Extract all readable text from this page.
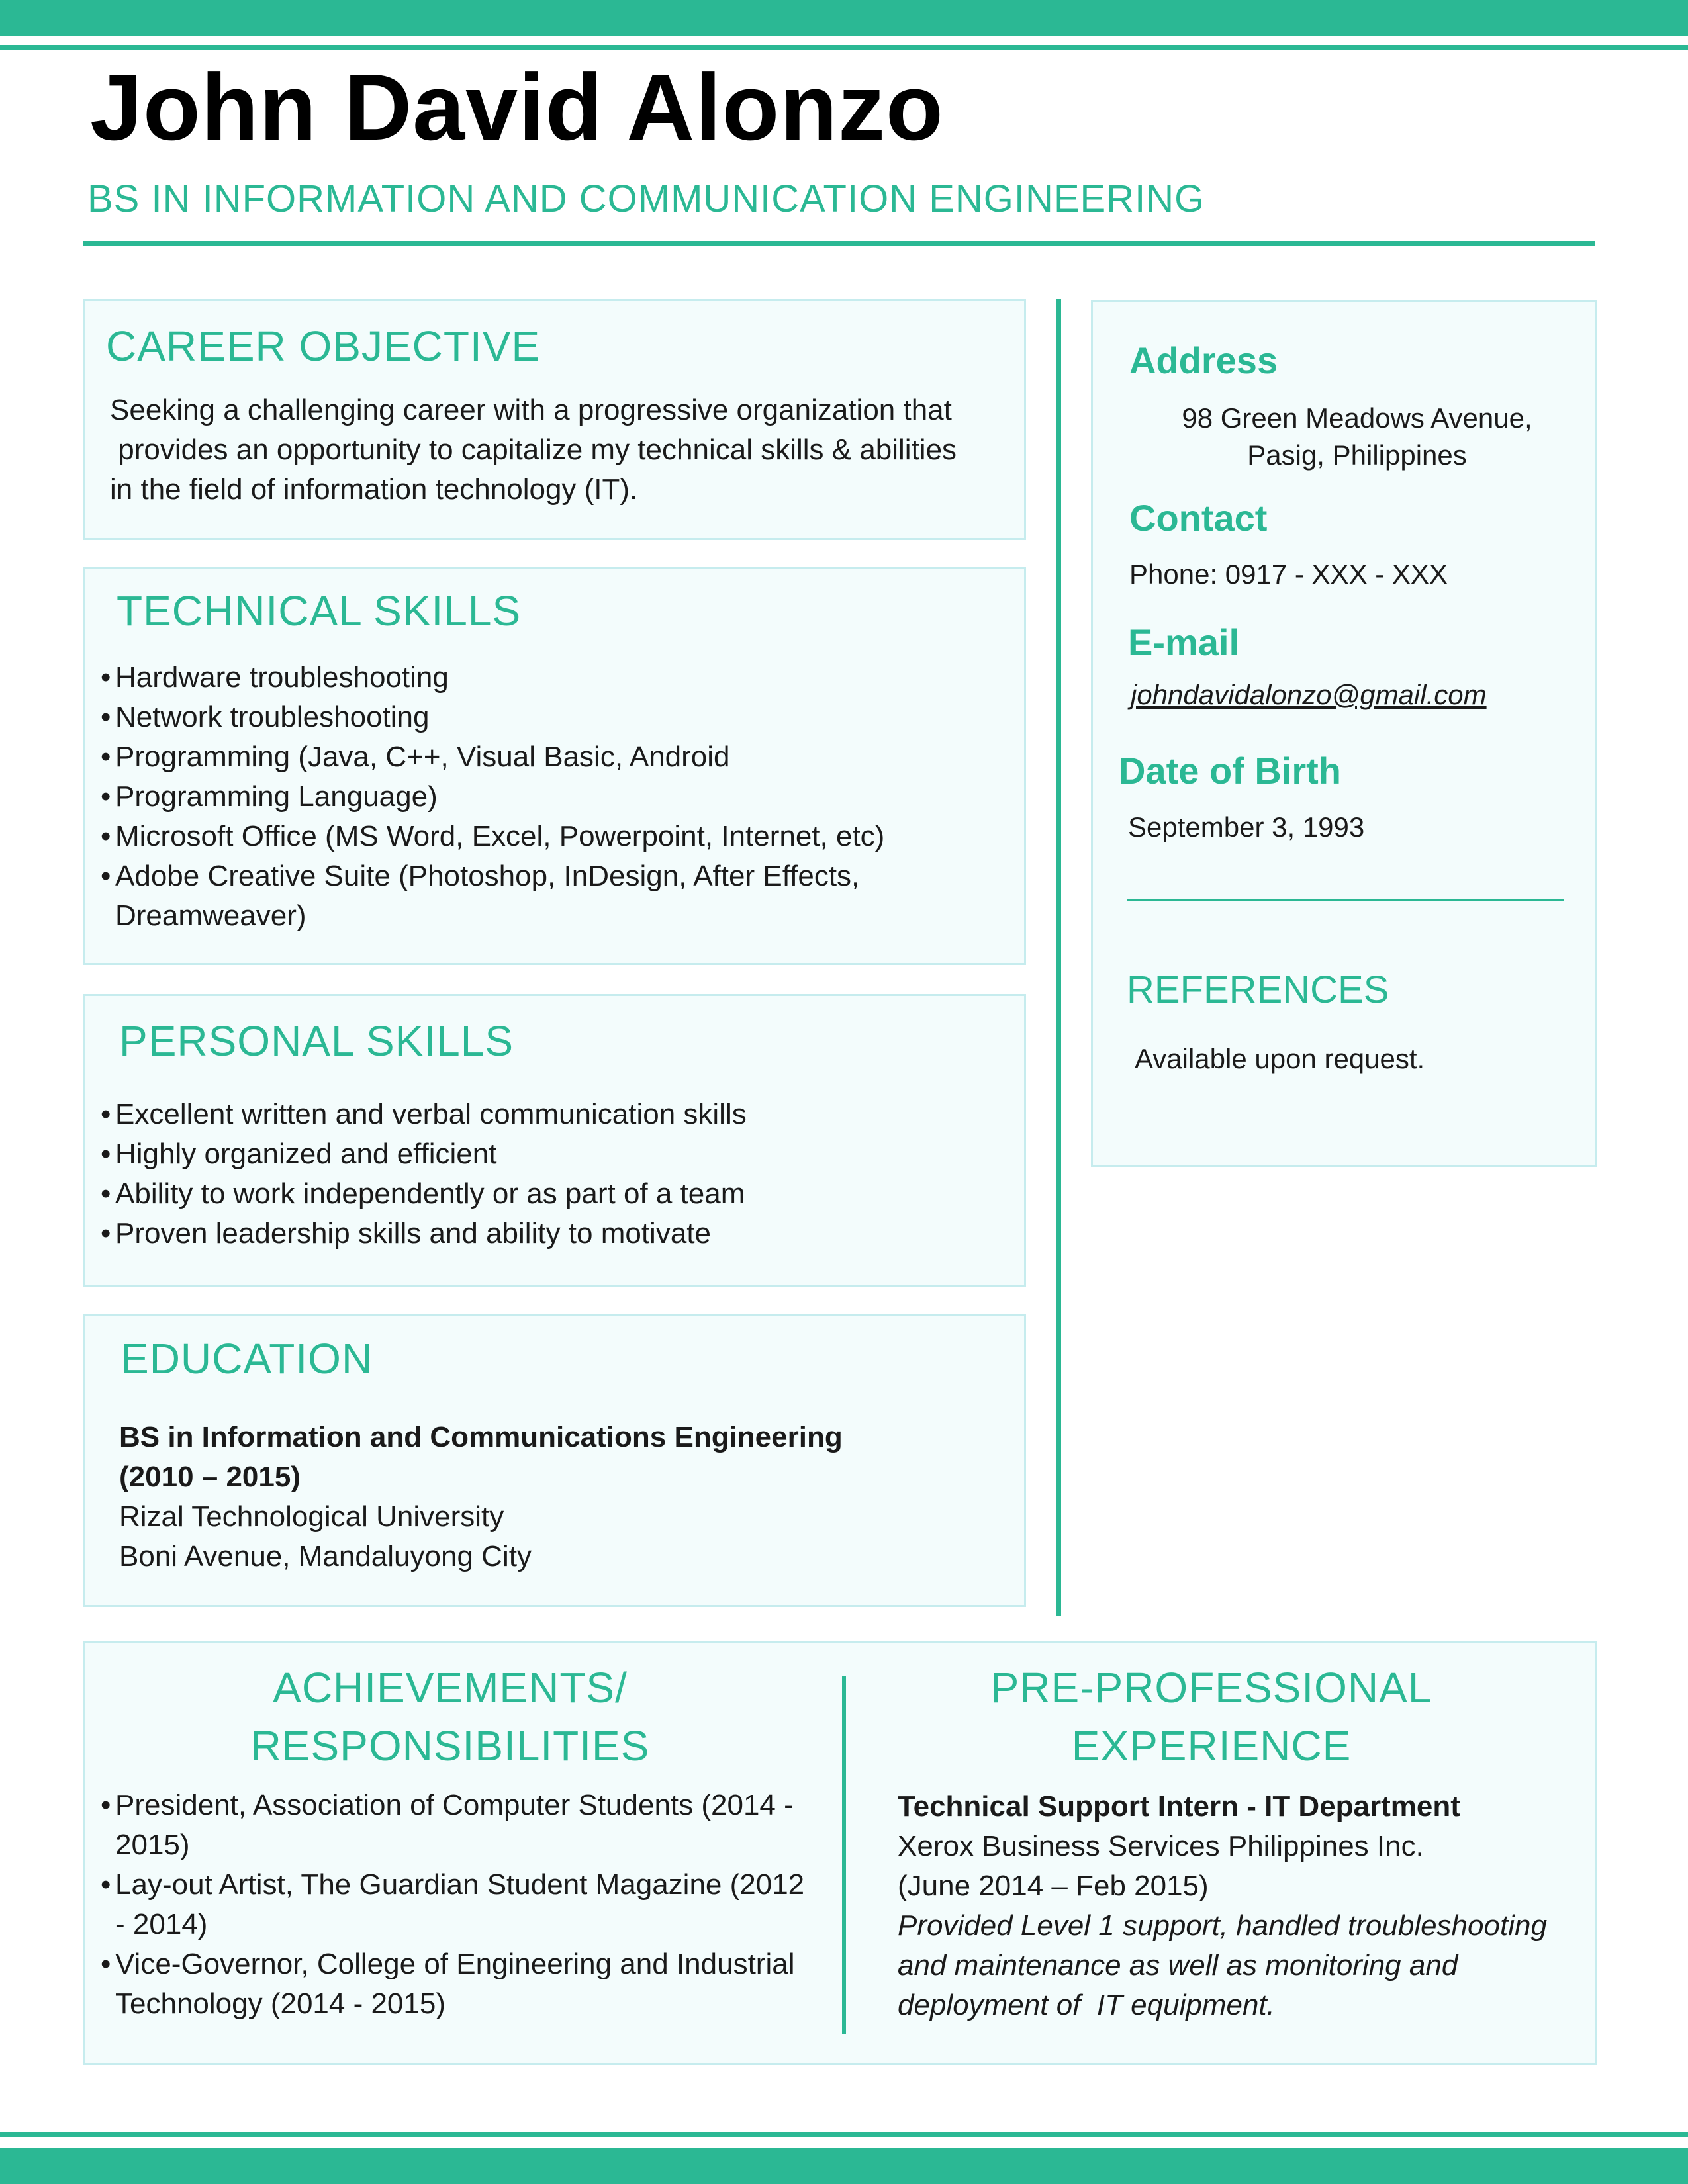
John David Alonzo
BS IN INFORMATION AND COMMUNICATION ENGINEERING
CAREER OBJECTIVE

Seeking a challenging career with a progressive organization that

provides an opportunity to capitalize my technical skills & abilities

in the field of information technology (IT).

TECHNICAL SKILLS
• Hardware troubleshooting
• Network troubleshooting
• Programming (Java, C++, Visual Basic, Android
• Programming Language)
• Microsoft Office (MS Word, Excel, Powerpoint, Internet, etc)
• Adobe Creative Suite (Photoshop, InDesign, After Effects, Dreamweaver)
PERSONAL SKILLS
• Excellent written and verbal communication skills
• Highly organized and efficient
• Ability to work independently or as part of a team
• Proven leadership skills and ability to motivate
EDUCATION

BS in Information and Communications Engineering

(2010 – 2015)

Rizal Technological University

Boni Avenue, Mandaluyong City

Address
98 Green Meadows Avenue,
Pasig, Philippines
Contact
Phone: 0917 - XXX - XXX
E-mail
johndavidalonzo@gmail.com
Date of Birth
September 3, 1993
REFERENCES
Available upon request.
ACHIEVEMENTS/
RESPONSIBILITIES
• President, Association of Computer Students (2014 - 2015)
• Lay-out Artist, The Guardian Student Magazine (2012 - 2014)
• Vice-Governor, College of Engineering and Industrial Technology (2014 - 2015)
PRE-PROFESSIONAL
EXPERIENCE

Technical Support Intern - IT Department

Xerox Business Services Philippines Inc.

(June 2014 – Feb 2015)

Provided Level 1 support, handled troubleshooting and maintenance as well as monitoring and deployment of  IT equipment.
